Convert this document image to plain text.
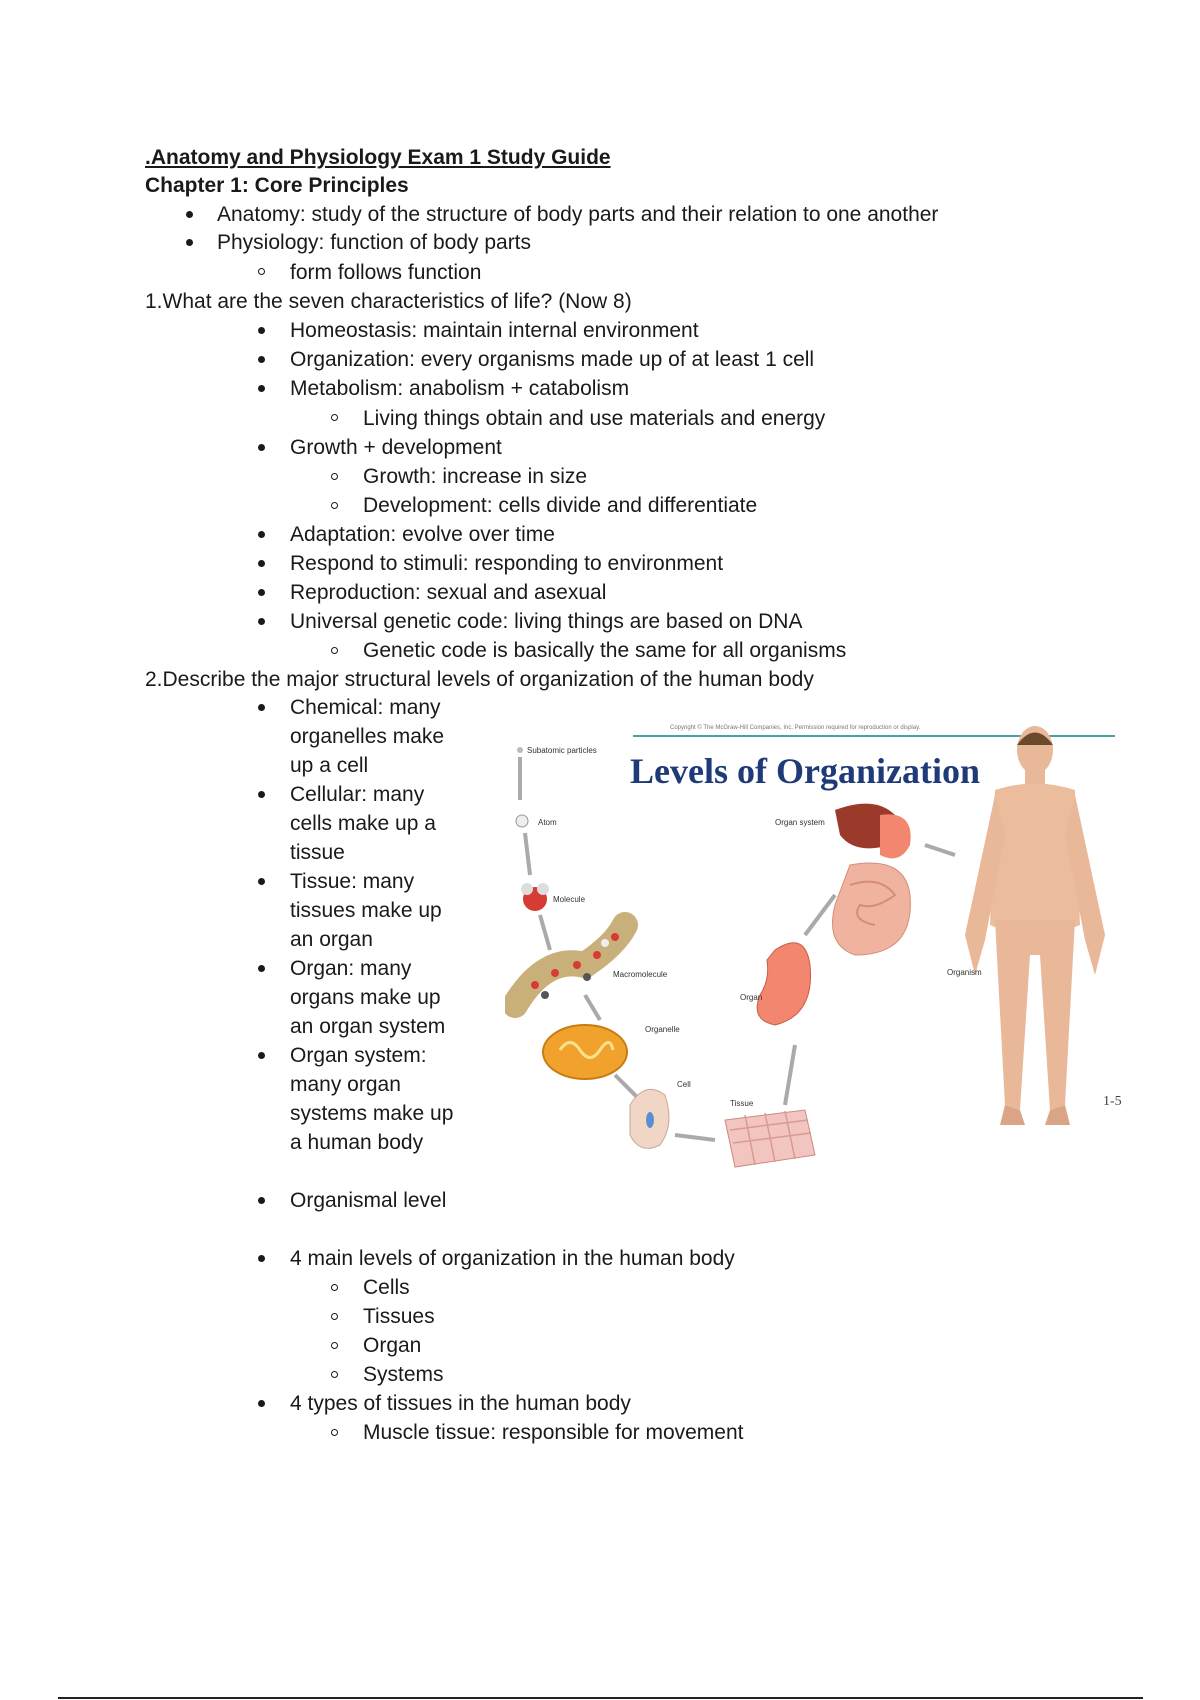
.Anatomy and Physiology Exam 1 Study Guide
Chapter 1: Core Principles
Anatomy: study of the structure of body parts and their relation to one another
Physiology: function of body parts
form follows function
1.What are the seven characteristics of life? (Now 8)
Homeostasis: maintain internal environment
Organization: every organisms made up of at least 1 cell
Metabolism: anabolism + catabolism
Living things obtain and use materials and energy
Growth + development
Growth: increase in size
Development: cells divide and differentiate
Adaptation: evolve over time
Respond to stimuli: responding to environment
Reproduction: sexual and asexual
Universal genetic code: living things are based on DNA
Genetic code is basically the same for all organisms
2.Describe the major structural levels of organization of the human body
Chemical: many
organelles make
up a cell
Cellular: many
cells make up a
tissue
Tissue: many
tissues make up
an organ
Organ: many
organs make up
an organ system
Organ system:
many organ
systems make up
a human body
Organismal level
4 main levels of organization in the human body
Cells
Tissues
Organ
Systems
4 types of tissues in the human body
Muscle tissue: responsible for movement
Copyright © The McGraw-Hill Companies, Inc. Permission required for reproduction or display.
Levels of Organization
Subatomic particles
Atom
Molecule
Macromolecule
Organelle
Cell
Tissue
Organ
Organ system
Organism
1-5
